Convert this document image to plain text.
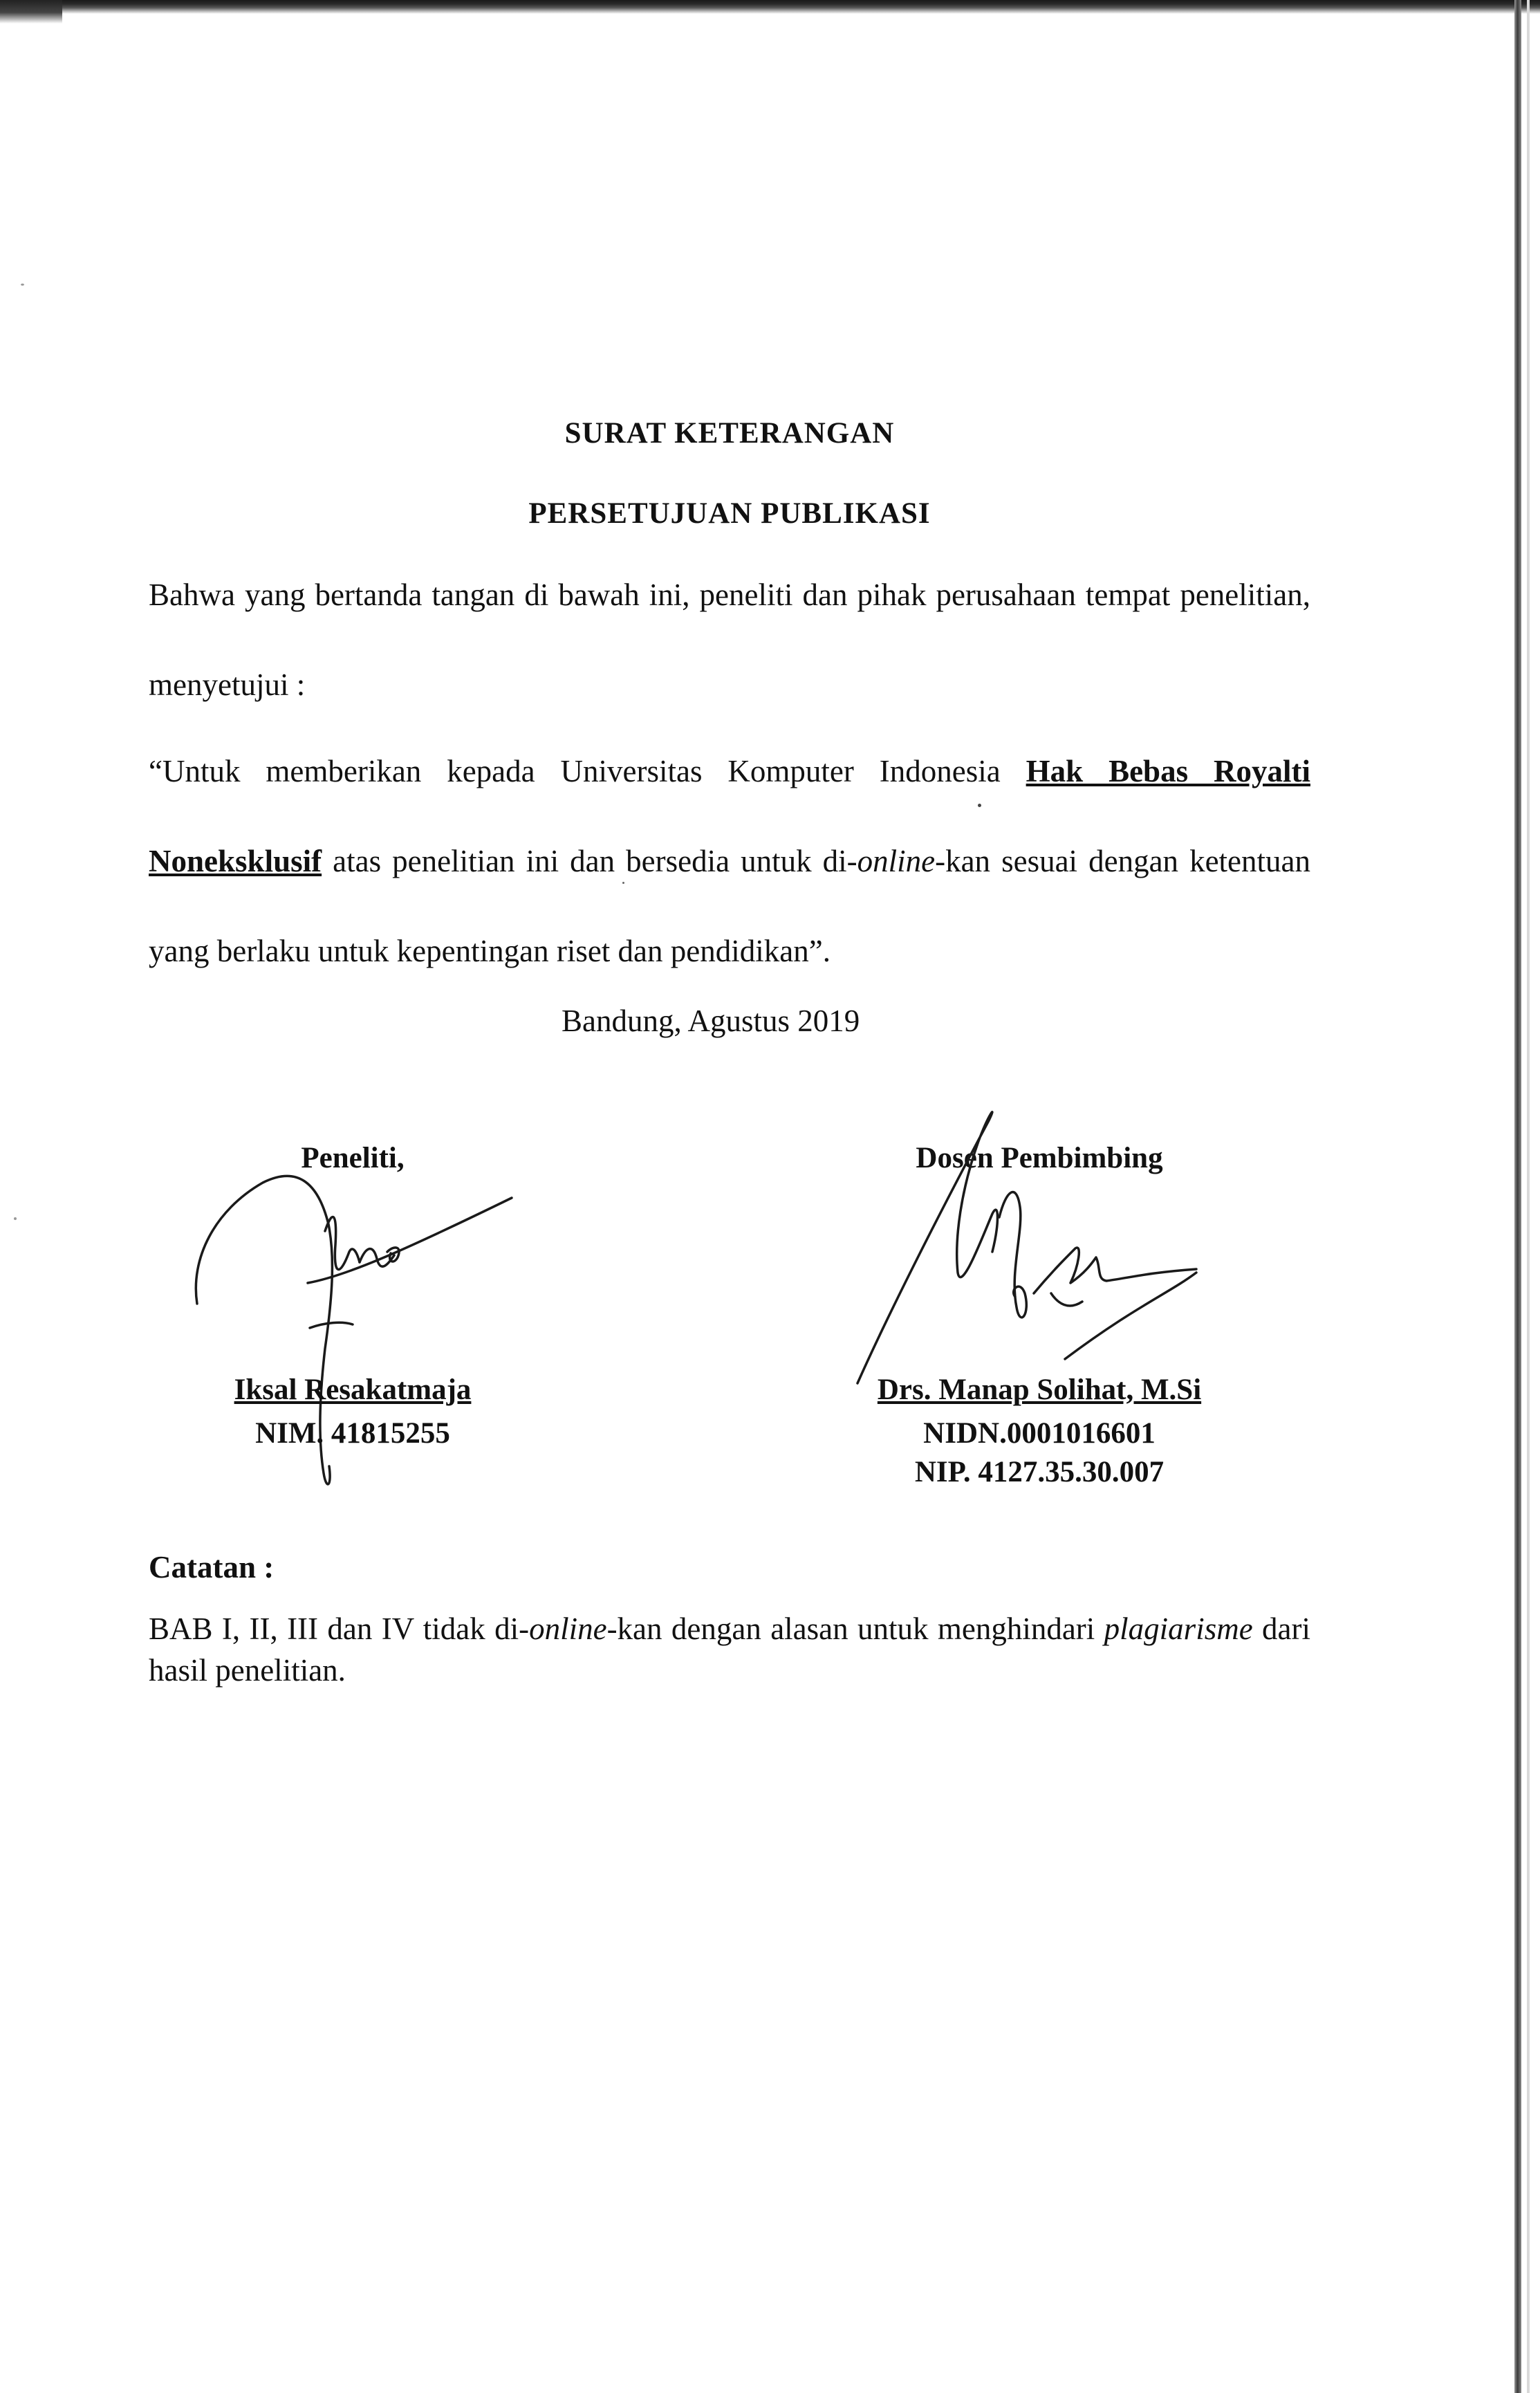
SURAT KETERANGAN
PERSETUJUAN PUBLIKASI
Bahwa yang bertanda tangan di bawah ini, peneliti dan pihak perusahaan tempat penelitian, menyetujui :
“Untuk memberikan kepada Universitas Komputer Indonesia Hak Bebas Royalti Noneksklusif atas penelitian ini dan bersedia untuk di-online-kan sesuai dengan ketentuan yang berlaku untuk kepentingan riset dan pendidikan”.
Bandung, Agustus 2019
Peneliti,
Iksal Resakatmaja
NIM. 41815255
Dosen Pembimbing
Drs. Manap Solihat, M.Si
NIDN.0001016601
NIP. 4127.35.30.007
Catatan :
BAB I, II, III dan IV tidak di-online-kan dengan alasan untuk menghindari plagiarisme dari hasil penelitian.
